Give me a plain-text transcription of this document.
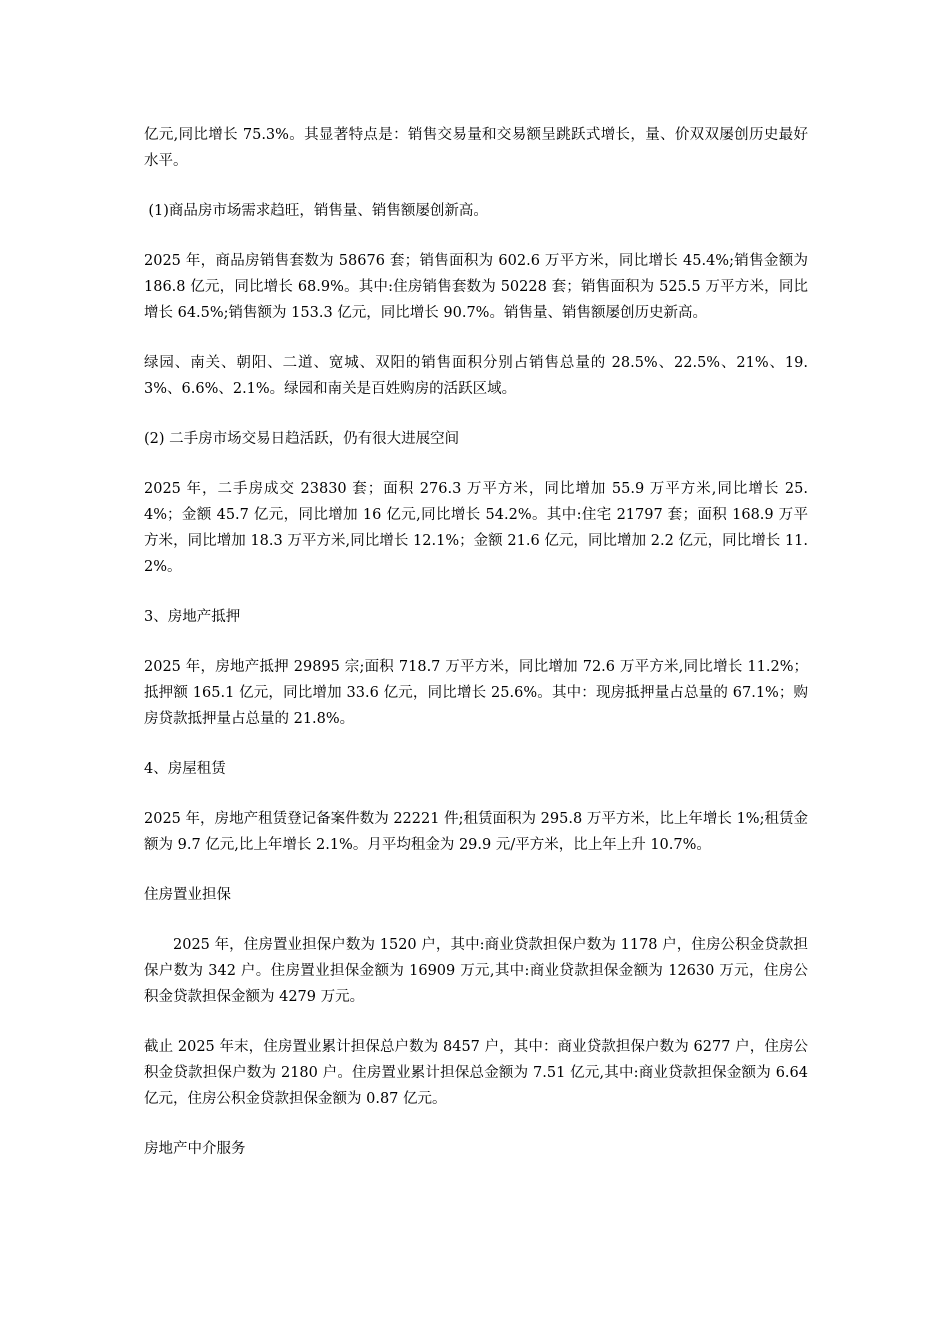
亿元,同比增长 75.3%。其显著特点是：销售交易量和交易额呈跳跃式增长，量、价双双屡创历史最好水平。

(1)商品房市场需求趋旺，销售量、销售额屡创新高。

2025 年，商品房销售套数为 58676 套；销售面积为 602.6 万平方米，同比增长 45.4%;销售金额为 186.8 亿元，同比增长 68.9%。其中:住房销售套数为 50228 套；销售面积为 525.5 万平方米，同比增长 64.5%;销售额为 153.3 亿元，同比增长 90.7%。销售量、销售额屡创历史新高。

绿园、南关、朝阳、二道、宽城、双阳的销售面积分别占销售总量的 28.5%、22.5%、21%、19.3%、6.6%、2.1%。绿园和南关是百姓购房的活跃区域。

(2) 二手房市场交易日趋活跃，仍有很大进展空间

2025 年，二手房成交 23830 套；面积 276.3 万平方米，同比增加 55.9 万平方米,同比增长 25.4%；金额 45.7 亿元，同比增加 16 亿元,同比增长 54.2%。其中:住宅 21797 套；面积 168.9 万平方米，同比增加 18.3 万平方米,同比增长 12.1%；金额 21.6 亿元，同比增加 2.2 亿元，同比增长 11.2%。

3、房地产抵押

2025 年，房地产抵押 29895 宗;面积 718.7 万平方米，同比增加 72.6 万平方米,同比增长 11.2%；抵押额 165.1 亿元，同比增加 33.6 亿元，同比增长 25.6%。其中：现房抵押量占总量的 67.1%；购房贷款抵押量占总量的 21.8%。

4、房屋租赁

2025 年，房地产租赁登记备案件数为 22221 件;租赁面积为 295.8 万平方米，比上年增长 1%;租赁金额为 9.7 亿元,比上年增长 2.1%。月平均租金为 29.9 元/平方米，比上年上升 10.7%。

住房置业担保

2025 年，住房置业担保户数为 1520 户，其中:商业贷款担保户数为 1178 户，住房公积金贷款担保户数为 342 户。住房置业担保金额为 16909 万元,其中:商业贷款担保金额为 12630 万元，住房公积金贷款担保金额为 4279 万元。

截止 2025 年末，住房置业累计担保总户数为 8457 户，其中：商业贷款担保户数为 6277 户，住房公积金贷款担保户数为 2180 户。住房置业累计担保总金额为 7.51 亿元,其中:商业贷款担保金额为 6.64 亿元，住房公积金贷款担保金额为 0.87 亿元。

房地产中介服务
